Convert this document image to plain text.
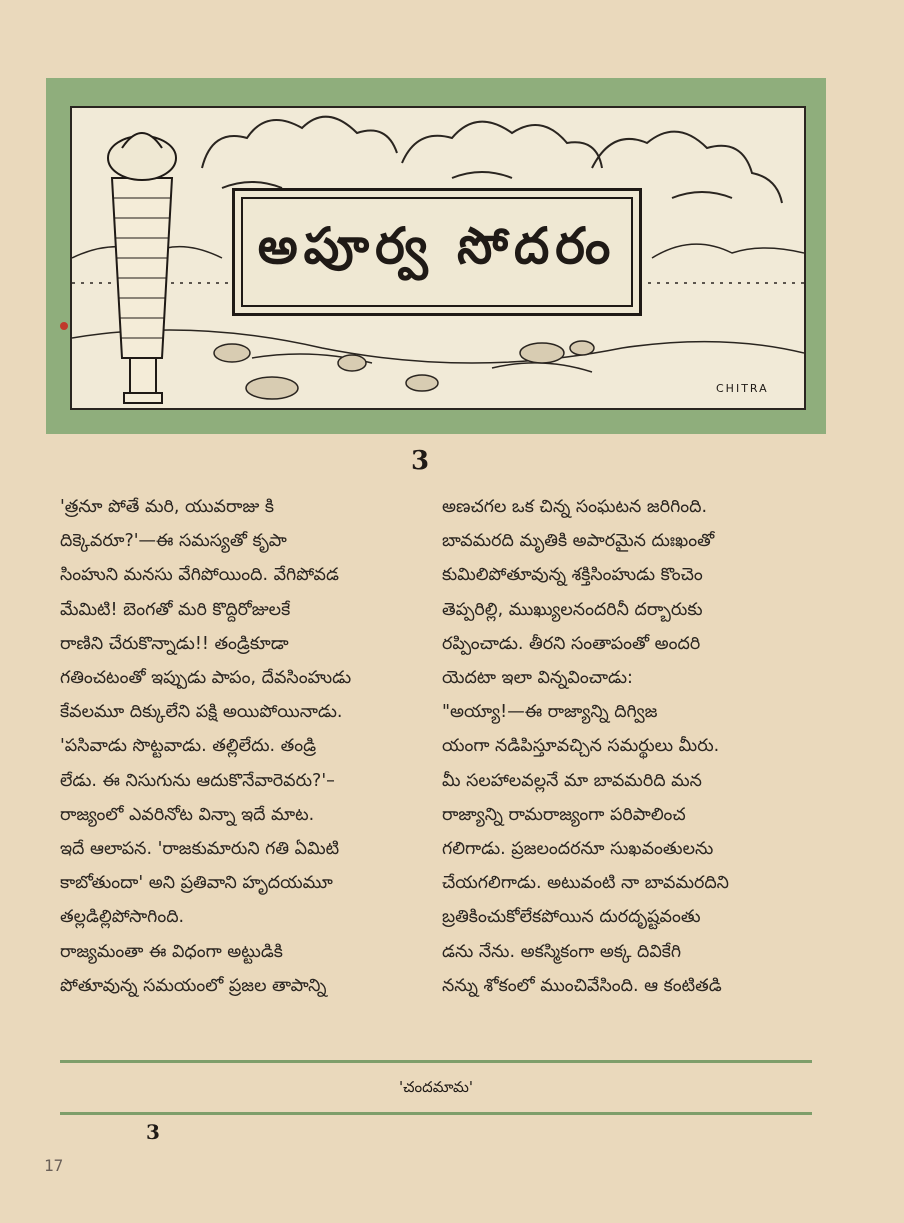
అపూర్వ సోదరం
CHITRA
3

'త్రనూ పోతే మరి, యువరాజు కి

దిక్కెవరూ?'—ఈ సమస్యతో కృపా

సింహుని మనసు వేగిపోయింది. వేగిపోవడ

మేమిటి! బెంగతో మరి కొద్దిరోజులకే

రాణిని చేరుకొన్నాడు!! తండ్రికూడా

గతించటంతో ఇప్పుడు పాపం, దేవసింహుడు

కేవలమూ దిక్కులేని పక్షి అయిపోయినాడు.

'పసివాడు సొట్టవాడు. తల్లిలేదు. తండ్రి

లేడు. ఈ నిసుగును ఆదుకొనేవారెవరు?'–

రాజ్యంలో ఎవరినోట విన్నా ఇదే మాట.

ఇదే ఆలాపన. 'రాజకుమారుని గతి ఏమిటి

కాబోతుందా' అని ప్రతివాని హృదయమూ

తల్లడిల్లిపోసాగింది.

రాజ్యమంతా ఈ విధంగా అట్టుడికి

పోతూవున్న సమయంలో ప్రజల తాపాన్ని

అణచగల ఒక చిన్న సంఘటన జరిగింది.

బావమరది మృతికి అపారమైన దుఃఖంతో

కుమిలిపోతూవున్న శక్తిసింహుడు కొంచెం

తెప్పరిల్లి, ముఖ్యులనందరినీ దర్బారుకు

రప్పించాడు. తీరని సంతాపంతో అందరి

యెదటా ఇలా విన్నవించాడు:

"అయ్యా!—ఈ రాజ్యాన్ని దిగ్విజ

యంగా నడిపిస్తూవచ్చిన సమర్థులు మీరు.

మీ సలహాలవల్లనే మా బావమరిది మన

రాజ్యాన్ని రామరాజ్యంగా పరిపాలించ

గలిగాడు. ప్రజలందరనూ సుఖవంతులను

చేయగలిగాడు. అటువంటి నా బావమరదిని

బ్రతికించుకోలేకపోయిన దురదృష్టవంతు

డను నేను. అకస్మికంగా అక్క దివికేగి

నన్ను శోకంలో ముంచివేసింది. ఆ కంటితడి

'చందమామ'
3
17
